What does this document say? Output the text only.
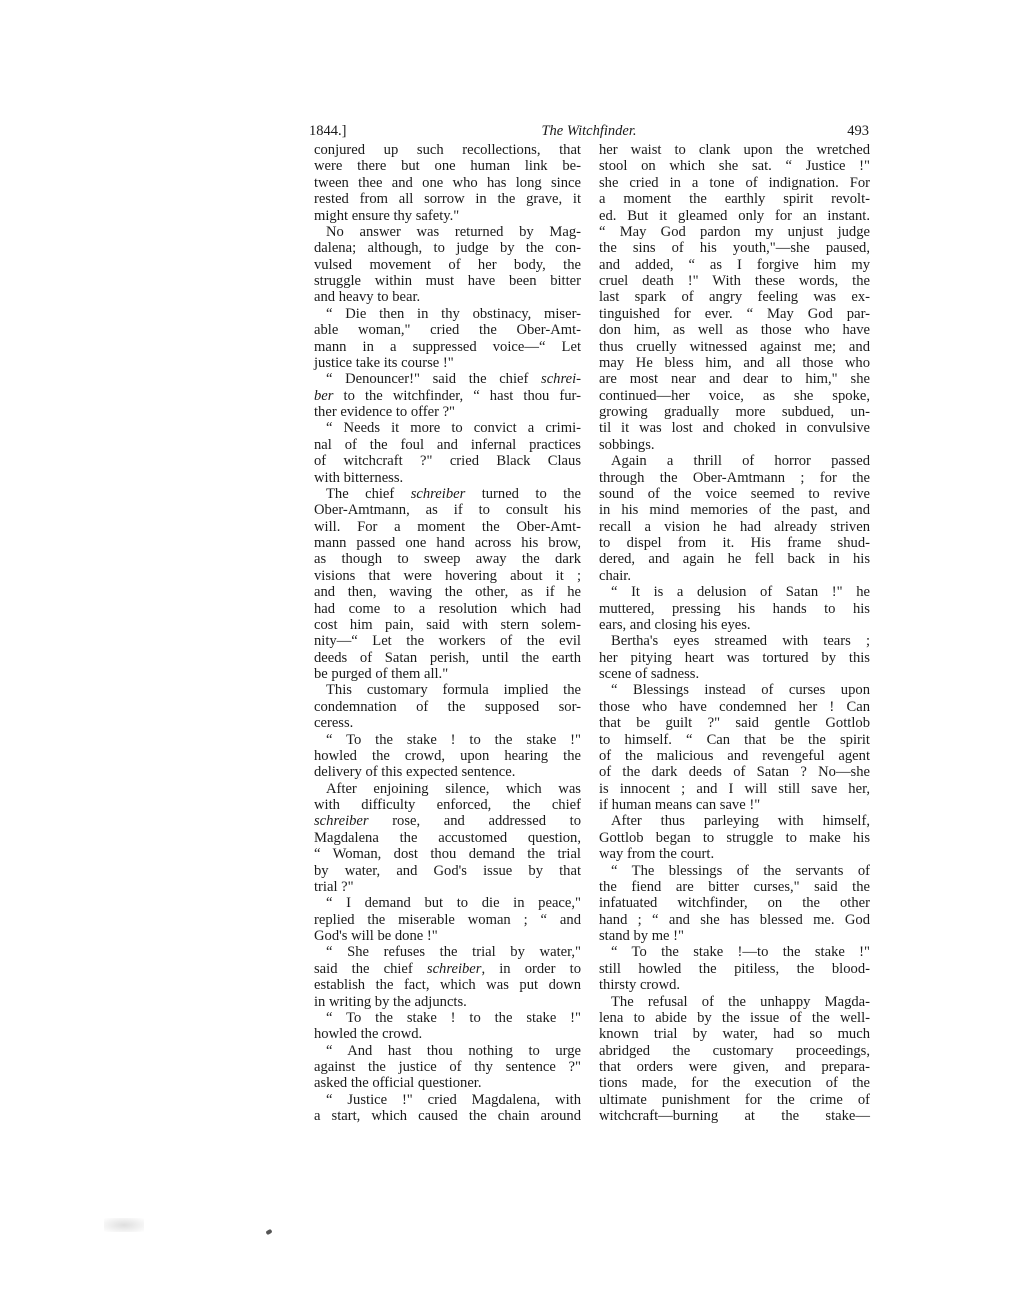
1844.]	The Witchfinder.	493

conjured up such recollections, that

were there but one human link be-

tween thee and one who has long since

rested from all sorrow in the grave, it

might ensure thy safety."

No answer was returned by Mag-

dalena; although, to judge by the con-

vulsed movement of her body, the

struggle within must have been bitter

and heavy to bear.

“ Die then in thy obstinacy, miser-

able woman," cried the Ober-Amt-

mann in a suppressed voice—“ Let

justice take its course !"

“ Denouncer!" said the chief schrei-

ber to the witchfinder, “ hast thou fur-

ther evidence to offer ?"

“ Needs it more to convict a crimi-

nal of the foul and infernal practices

of witchcraft ?" cried Black Claus

with bitterness.

The chief schreiber turned to the

Ober-Amtmann, as if to consult his

will. For a moment the Ober-Amt-

mann passed one hand across his brow,

as though to sweep away the dark

visions that were hovering about it ;

and then, waving the other, as if he

had come to a resolution which had

cost him pain, said with stern solem-

nity—“ Let the workers of the evil

deeds of Satan perish, until the earth

be purged of them all."

This customary formula implied the

condemnation of the supposed sor-

ceress.

“ To the stake ! to the stake !"

howled the crowd, upon hearing the

delivery of this expected sentence.

After enjoining silence, which was

with difficulty enforced, the chief

schreiber rose, and addressed to

Magdalena the accustomed question,

“ Woman, dost thou demand the trial

by water, and God's issue by that

trial ?"

“ I demand but to die in peace,"

replied the miserable woman ; “ and

God's will be done !"

“ She refuses the trial by water,"

said the chief schreiber, in order to

establish the fact, which was put down

in writing by the adjuncts.

“ To the stake ! to the stake !"

howled the crowd.

“ And hast thou nothing to urge

against the justice of thy sentence ?"

asked the official questioner.

“ Justice !" cried Magdalena, with

a start, which caused the chain around

her waist to clank upon the wretched

stool on which she sat. “ Justice !"

she cried in a tone of indignation. For

a moment the earthly spirit revolt-

ed. But it gleamed only for an instant.

“ May God pardon my unjust judge

the sins of his youth,"—she paused,

and added, “ as I forgive him my

cruel death !" With these words, the

last spark of angry feeling was ex-

tinguished for ever. “ May God par-

don him, as well as those who have

thus cruelly witnessed against me; and

may He bless him, and all those who

are most near and dear to him," she

continued—her voice, as she spoke,

growing gradually more subdued, un-

til it was lost and choked in convulsive

sobbings.

Again a thrill of horror passed

through the Ober-Amtmann ; for the

sound of the voice seemed to revive

in his mind memories of the past, and

recall a vision he had already striven

to dispel from it. His frame shud-

dered, and again he fell back in his

chair.

“ It is a delusion of Satan !" he

muttered, pressing his hands to his

ears, and closing his eyes.

Bertha's eyes streamed with tears ;

her pitying heart was tortured by this

scene of sadness.

“ Blessings instead of curses upon

those who have condemned her ! Can

that be guilt ?" said gentle Gottlob

to himself. “ Can that be the spirit

of the malicious and revengeful agent

of the dark deeds of Satan ? No—she

is innocent ; and I will still save her,

if human means can save !"

After thus parleying with himself,

Gottlob began to struggle to make his

way from the court.

“ The blessings of the servants of

the fiend are bitter curses," said the

infatuated witchfinder, on the other

hand ; “ and she has blessed me. God

stand by me !"

“ To the stake !—to the stake !"

still howled the pitiless, the blood-

thirsty crowd.

The refusal of the unhappy Magda-

lena to abide by the issue of the well-

known trial by water, had so much

abridged the customary proceedings,

that orders were given, and prepara-

tions made, for the execution of the

ultimate punishment for the crime of

witchcraft—burning at the stake—
